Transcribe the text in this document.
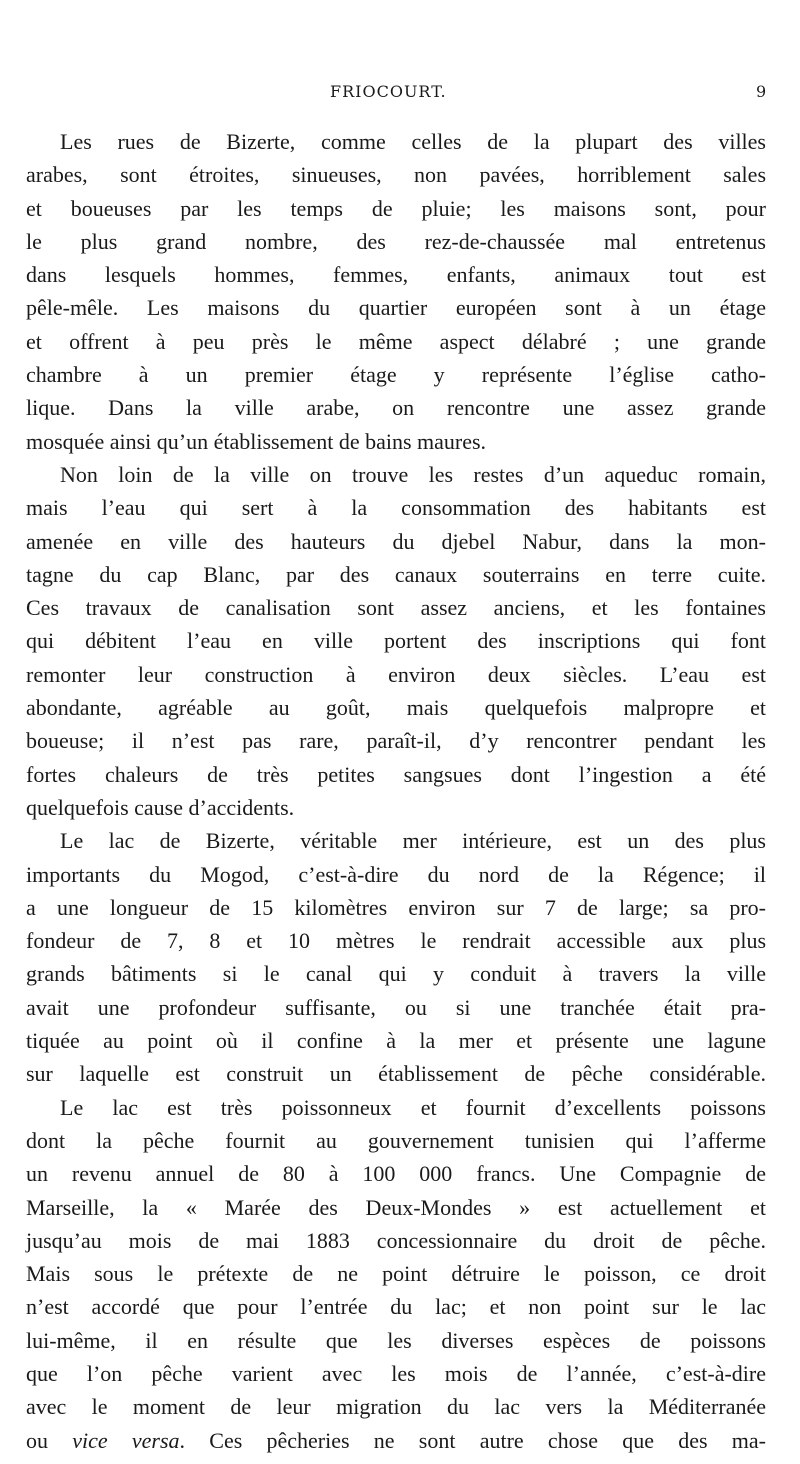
FRIOCOURT.	9
Les rues de Bizerte, comme celles de la plupart des villes
arabes, sont étroites, sinueuses, non pavées, horriblement sales
et boueuses par les temps de pluie; les maisons sont, pour
le plus grand nombre, des rez-de-chaussée mal entretenus
dans lesquels hommes, femmes, enfants, animaux tout est
pêle-mêle. Les maisons du quartier européen sont à un étage
et offrent à peu près le même aspect délabré ; une grande
chambre à un premier étage y représente l’église catho-
lique. Dans la ville arabe, on rencontre une assez grande
mosquée ainsi qu’un établissement de bains maures.
Non loin de la ville on trouve les restes d’un aqueduc romain,
mais l’eau qui sert à la consommation des habitants est
amenée en ville des hauteurs du djebel Nabur, dans la mon-
tagne du cap Blanc, par des canaux souterrains en terre cuite.
Ces travaux de canalisation sont assez anciens, et les fontaines
qui débitent l’eau en ville portent des inscriptions qui font
remonter leur construction à environ deux siècles. L’eau est
abondante, agréable au goût, mais quelquefois malpropre et
boueuse; il n’est pas rare, paraît-il, d’y rencontrer pendant les
fortes chaleurs de très petites sangsues dont l’ingestion a été
quelquefois cause d’accidents.
Le lac de Bizerte, véritable mer intérieure, est un des plus
importants du Mogod, c’est-à-dire du nord de la Régence; il
a une longueur de 15 kilomètres environ sur 7 de large; sa pro-
fondeur de 7, 8 et 10 mètres le rendrait accessible aux plus
grands bâtiments si le canal qui y conduit à travers la ville
avait une profondeur suffisante, ou si une tranchée était pra-
tiquée au point où il confine à la mer et présente une lagune
sur laquelle est construit un établissement de pêche considérable.
Le lac est très poissonneux et fournit d’excellents poissons
dont la pêche fournit au gouvernement tunisien qui l’afferme
un revenu annuel de 80 à 100 000 francs. Une Compagnie de
Marseille, la « Marée des Deux-Mondes » est actuellement et
jusqu’au mois de mai 1883 concessionnaire du droit de pêche.
Mais sous le prétexte de ne point détruire le poisson, ce droit
n’est accordé que pour l’entrée du lac; et non point sur le lac
lui-même, il en résulte que les diverses espèces de poissons
que l’on pêche varient avec les mois de l’année, c’est-à-dire
avec le moment de leur migration du lac vers la Méditerranée
ou vice versa. Ces pêcheries ne sont autre chose que des ma-
